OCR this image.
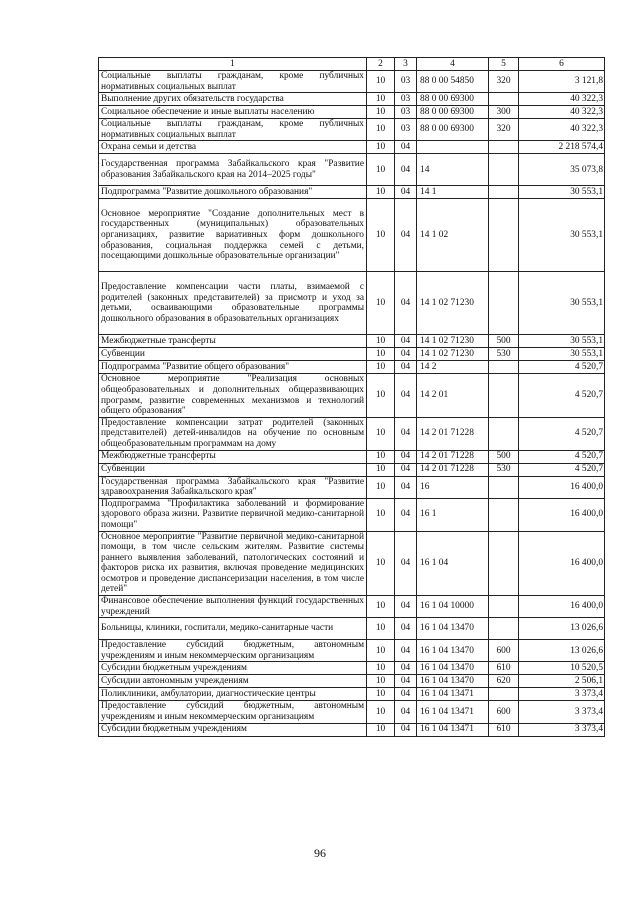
1	2	3	4	5	6
Социальные выплаты гражданам, кроме публичных нормативных социальных выплат	10	03	88 0 00 54850	320	3 121,8
Выполнение других обязательств государства	10	03	88 0 00 69300		40 322,3
Социальное обеспечение и иные выплаты населению	10	03	88 0 00 69300	300	40 322,3
Социальные выплаты гражданам, кроме публичных нормативных социальных выплат	10	03	88 0 00 69300	320	40 322,3
Охрана семьи и детства	10	04			2 218 574,4
Государственная программа Забайкальского края "Развитие образования Забайкальского края на 2014–2025 годы"	10	04	14		35 073,8
Подпрограмма "Развитие дошкольного образования"	10	04	14 1		30 553,1
Основное мероприятие "Создание дополнительных мест в государственных (муниципальных) образовательных организациях, развитие вариативных форм дошкольного образования, социальная поддержка семей с детьми, посещающими дошкольные образовательные организации"	10	04	14 1 02		30 553,1
Предоставление компенсации части платы, взимаемой с родителей (законных представителей) за присмотр и уход за детьми, осваивающими образовательные программы дошкольного образования в образовательных организациях	10	04	14 1 02 71230		30 553,1
Межбюджетные трансферты	10	04	14 1 02 71230	500	30 553,1
Субвенции	10	04	14 1 02 71230	530	30 553,1
Подпрограмма "Развитие общего образования"	10	04	14 2		4 520,7
Основное мероприятие "Реализация основных общеобразовательных и дополнительных общеразвивающих программ, развитие современных механизмов и технологий общего образования"	10	04	14 2 01		4 520,7
Предоставление компенсации затрат родителей (законных представителей) детей-инвалидов на обучение по основным общеобразовательным программам на дому	10	04	14 2 01 71228		4 520,7
Межбюджетные трансферты	10	04	14 2 01 71228	500	4 520,7
Субвенции	10	04	14 2 01 71228	530	4 520,7
Государственная программа Забайкальского края "Развитие здравоохранения Забайкальского края"	10	04	16		16 400,0
Подпрограмма "Профилактика заболеваний и формирование здорового образа жизни. Развитие первичной медико-санитарной помощи"	10	04	16 1		16 400,0
Основное мероприятие "Развитие первичной медико-санитарной помощи, в том числе сельским жителям. Развитие системы раннего выявления заболеваний, патологических состояний и факторов риска их развития, включая проведение медицинских осмотров и проведение диспансеризации населения, в том числе детей"	10	04	16 1 04		16 400,0
Финансовое обеспечение выполнения функций государственных учреждений	10	04	16 1 04 10000		16 400,0
Больницы, клиники, госпитали, медико-санитарные части	10	04	16 1 04 13470		13 026,6
Предоставление субсидий бюджетным, автономным учреждениям и иным некоммерческим организациям	10	04	16 1 04 13470	600	13 026,6
Субсидии бюджетным учреждениям	10	04	16 1 04 13470	610	10 520,5
Субсидии автономным учреждениям	10	04	16 1 04 13470	620	2 506,1
Поликлиники, амбулатории, диагностические центры	10	04	16 1 04 13471		3 373,4
Предоставление субсидий бюджетным, автономным учреждениям и иным некоммерческим организациям	10	04	16 1 04 13471	600	3 373,4
Субсидии бюджетным учреждениям	10	04	16 1 04 13471	610	3 373,4
96
